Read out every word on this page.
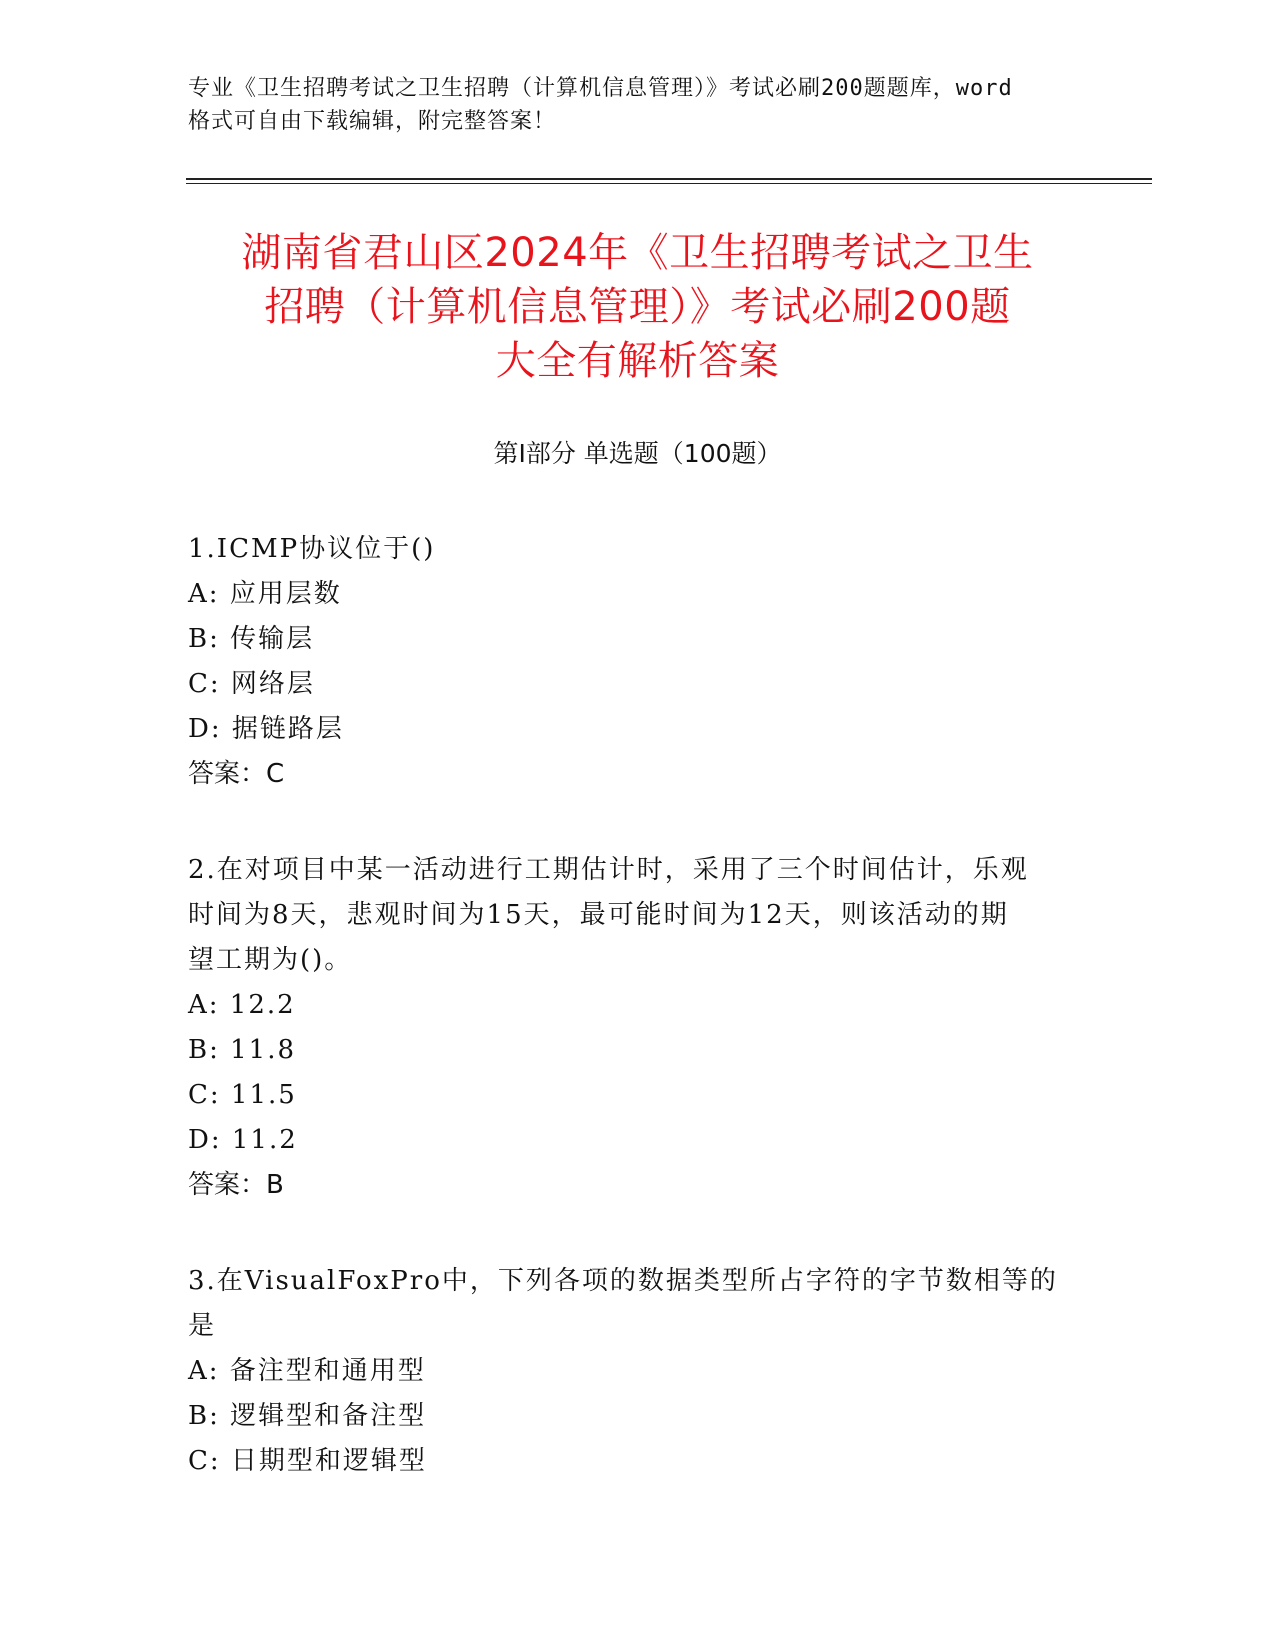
专业《卫生招聘考试之卫生招聘（计算机信息管理）》考试必刷200题题库，word
格式可自由下载编辑，附完整答案！
湖南省君山区2024年《卫生招聘考试之卫生
招聘（计算机信息管理）》考试必刷200题
大全有解析答案
第Ⅰ部分 单选题（100题）
1.ICMP协议位于()
A: 应用层数
B: 传输层
C: 网络层
D: 据链路层
答案：C
2.在对项目中某一活动进行工期估计时，采用了三个时间估计，乐观
时间为8天，悲观时间为15天，最可能时间为12天，则该活动的期
望工期为()。
A: 12.2
B: 11.8
C: 11.5
D: 11.2
答案：B
3.在VisualFoxPro中，下列各项的数据类型所占字符的字节数相等的
是
A: 备注型和通用型
B: 逻辑型和备注型
C: 日期型和逻辑型
